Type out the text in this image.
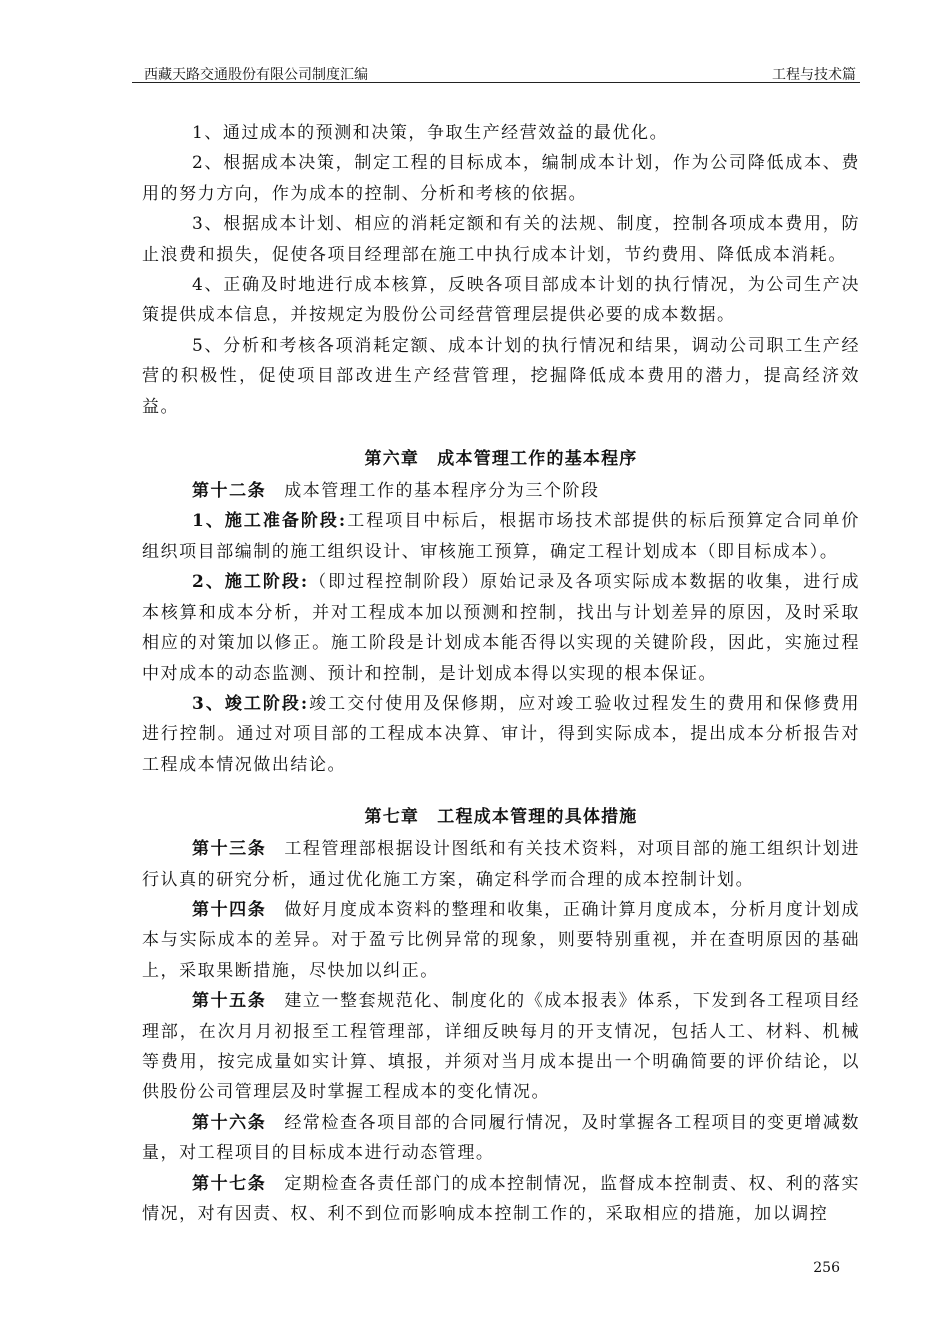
西藏天路交通股份有限公司制度汇编	工程与技术篇

1、通过成本的预测和决策，争取生产经营效益的最优化。

2、根据成本决策，制定工程的目标成本，编制成本计划，作为公司降低成本、费用的努力方向，作为成本的控制、分析和考核的依据。

3、根据成本计划、相应的消耗定额和有关的法规、制度，控制各项成本费用，防止浪费和损失，促使各项目经理部在施工中执行成本计划，节约费用、降低成本消耗。

4、正确及时地进行成本核算，反映各项目部成本计划的执行情况，为公司生产决策提供成本信息，并按规定为股份公司经营管理层提供必要的成本数据。

5、分析和考核各项消耗定额、成本计划的执行情况和结果，调动公司职工生产经营的积极性，促使项目部改进生产经营管理，挖掘降低成本费用的潜力，提高经济效益。

第六章　成本管理工作的基本程序

第十二条 成本管理工作的基本程序分为三个阶段

1、施工准备阶段:工程项目中标后，根据市场技术部提供的标后预算定合同单价组织项目部编制的施工组织设计、审核施工预算，确定工程计划成本（即目标成本）。

2、施工阶段:（即过程控制阶段）原始记录及各项实际成本数据的收集，进行成本核算和成本分析，并对工程成本加以预测和控制，找出与计划差异的原因，及时采取相应的对策加以修正。施工阶段是计划成本能否得以实现的关键阶段，因此，实施过程中对成本的动态监测、预计和控制，是计划成本得以实现的根本保证。

3、竣工阶段:竣工交付使用及保修期，应对竣工验收过程发生的费用和保修费用进行控制。通过对项目部的工程成本决算、审计，得到实际成本，提出成本分析报告对工程成本情况做出结论。

第七章　工程成本管理的具体措施

第十三条 工程管理部根据设计图纸和有关技术资料，对项目部的施工组织计划进行认真的研究分析，通过优化施工方案，确定科学而合理的成本控制计划。

第十四条 做好月度成本资料的整理和收集，正确计算月度成本，分析月度计划成本与实际成本的差异。对于盈亏比例异常的现象，则要特别重视，并在查明原因的基础上，采取果断措施，尽快加以纠正。

第十五条 建立一整套规范化、制度化的《成本报表》体系，下发到各工程项目经理部，在次月月初报至工程管理部，详细反映每月的开支情况，包括人工、材料、机械等费用，按完成量如实计算、填报，并须对当月成本提出一个明确简要的评价结论，以供股份公司管理层及时掌握工程成本的变化情况。

第十六条 经常检查各项目部的合同履行情况，及时掌握各工程项目的变更增减数量，对工程项目的目标成本进行动态管理。

第十七条 定期检查各责任部门的成本控制情况，监督成本控制责、权、利的落实情况，对有因责、权、利不到位而影响成本控制工作的，采取相应的措施，加以调控

256
